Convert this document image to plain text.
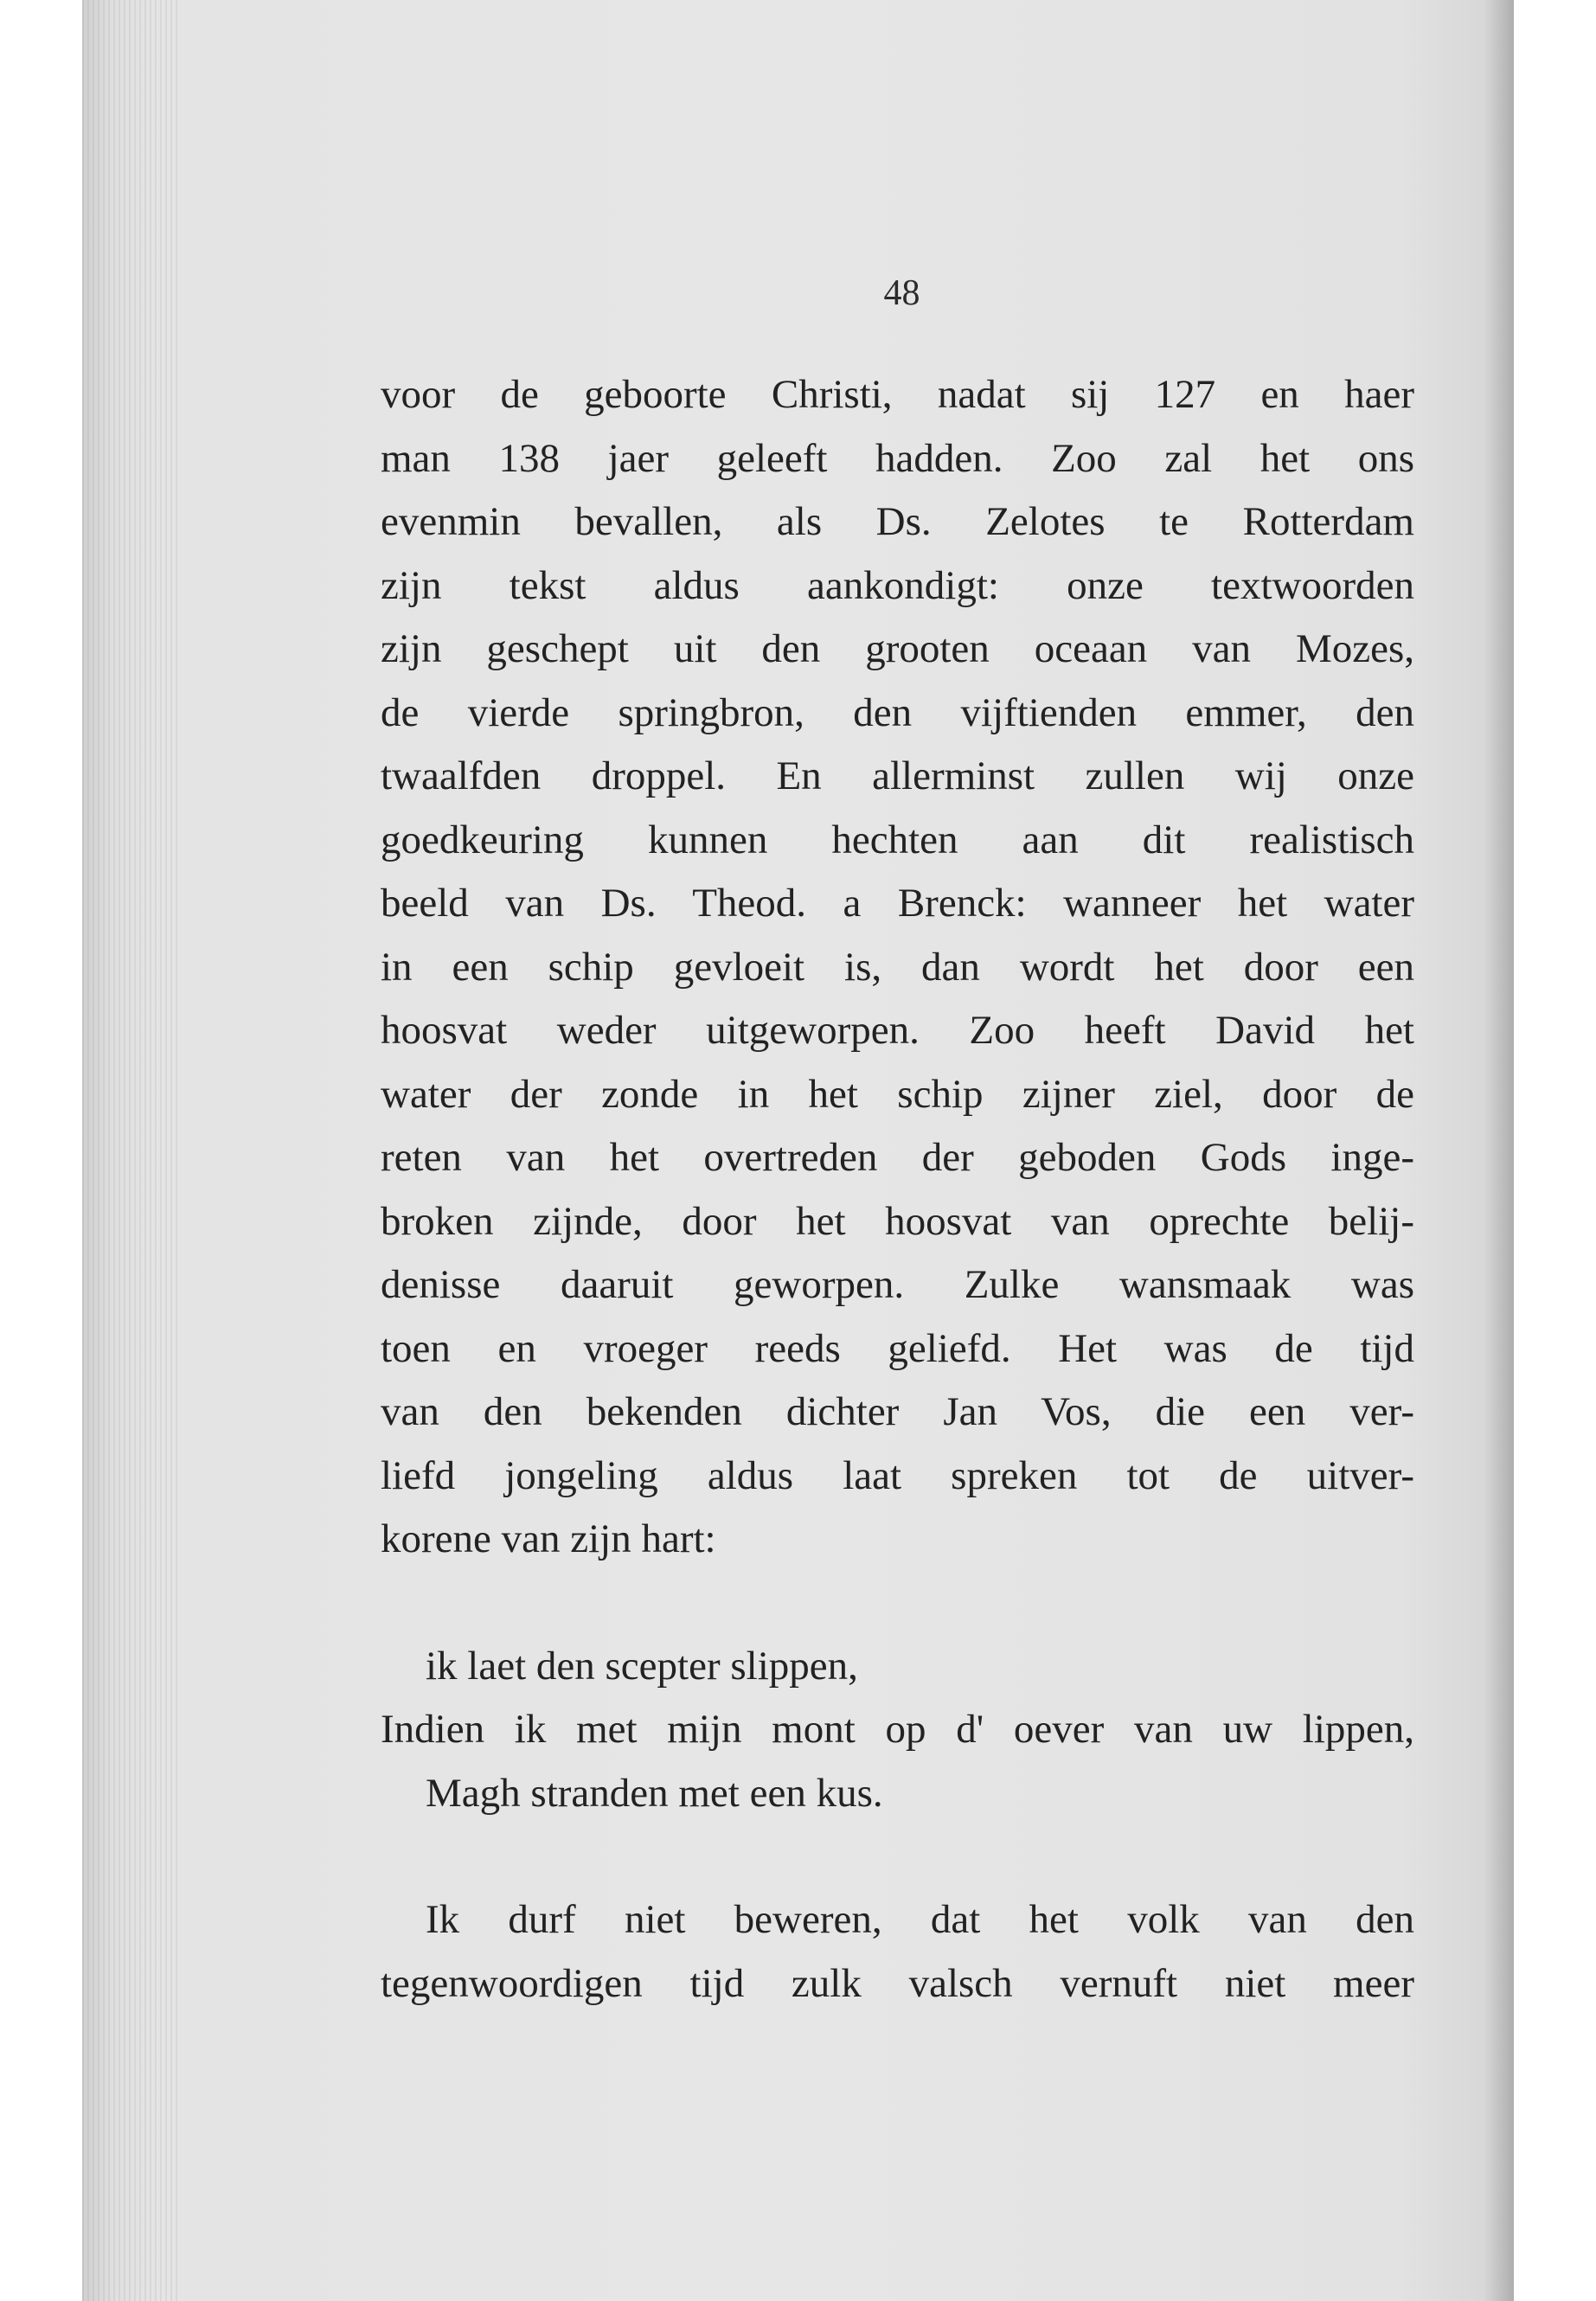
48
voor de geboorte Christi, nadat sij 127 en haer
man 138 jaer geleeft hadden. Zoo zal het ons
evenmin bevallen, als Ds. Zelotes te Rotterdam
zijn tekst aldus aankondigt: onze textwoorden
zijn geschept uit den grooten oceaan van Mozes,
de vierde springbron, den vijftienden emmer, den
twaalfden droppel. En allerminst zullen wij onze
goedkeuring kunnen hechten aan dit realistisch
beeld van Ds. Theod. a Brenck: wanneer het water
in een schip gevloeit is, dan wordt het door een
hoosvat weder uitgeworpen. Zoo heeft David het
water der zonde in het schip zijner ziel, door de
reten van het overtreden der geboden Gods inge-
broken zijnde, door het hoosvat van oprechte belij-
denisse daaruit geworpen. Zulke wansmaak was
toen en vroeger reeds geliefd. Het was de tijd
van den bekenden dichter Jan Vos, die een ver-
liefd jongeling aldus laat spreken tot de uitver-
korene van zijn hart:
ik laet den scepter slippen,
Indien ik met mijn mont op d' oever van uw lippen,
Magh stranden met een kus.
Ik durf niet beweren, dat het volk van den
tegenwoordigen tijd zulk valsch vernuft niet meer
